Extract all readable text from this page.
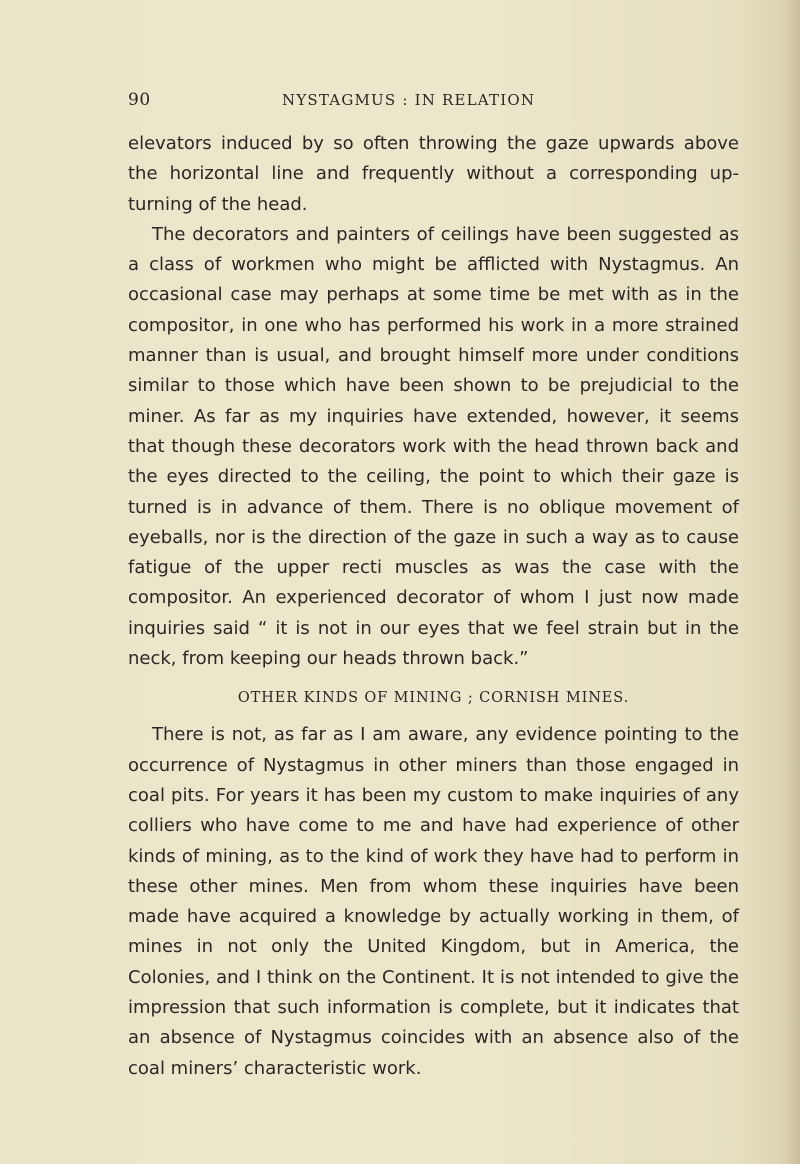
90	NYSTAGMUS : IN RELATION

elevators induced by so often throwing the gaze upwards above the horizontal line and frequently without a corresponding up-turning of the head.

The decorators and painters of ceilings have been suggested as a class of workmen who might be afflicted with Nystagmus. An occasional case may perhaps at some time be met with as in the compositor, in one who has performed his work in a more strained manner than is usual, and brought himself more under conditions similar to those which have been shown to be prejudicial to the miner. As far as my inquiries have extended, however, it seems that though these decorators work with the head thrown back and the eyes directed to the ceiling, the point to which their gaze is turned is in advance of them. There is no oblique movement of eyeballs, nor is the direction of the gaze in such a way as to cause fatigue of the upper recti muscles as was the case with the compositor. An experienced decorator of whom I just now made inquiries said “ it is not in our eyes that we feel strain but in the neck, from keeping our heads thrown back.”

OTHER KINDS OF MINING ; CORNISH MINES.

There is not, as far as I am aware, any evidence pointing to the occurrence of Nystagmus in other miners than those engaged in coal pits. For years it has been my custom to make inquiries of any colliers who have come to me and have had experience of other kinds of mining, as to the kind of work they have had to perform in these other mines. Men from whom these inquiries have been made have acquired a knowledge by actually working in them, of mines in not only the United Kingdom, but in America, the Colonies, and I think on the Continent. It is not intended to give the impression that such information is complete, but it indicates that an absence of Nystagmus coincides with an absence also of the coal miners’ characteristic work.
